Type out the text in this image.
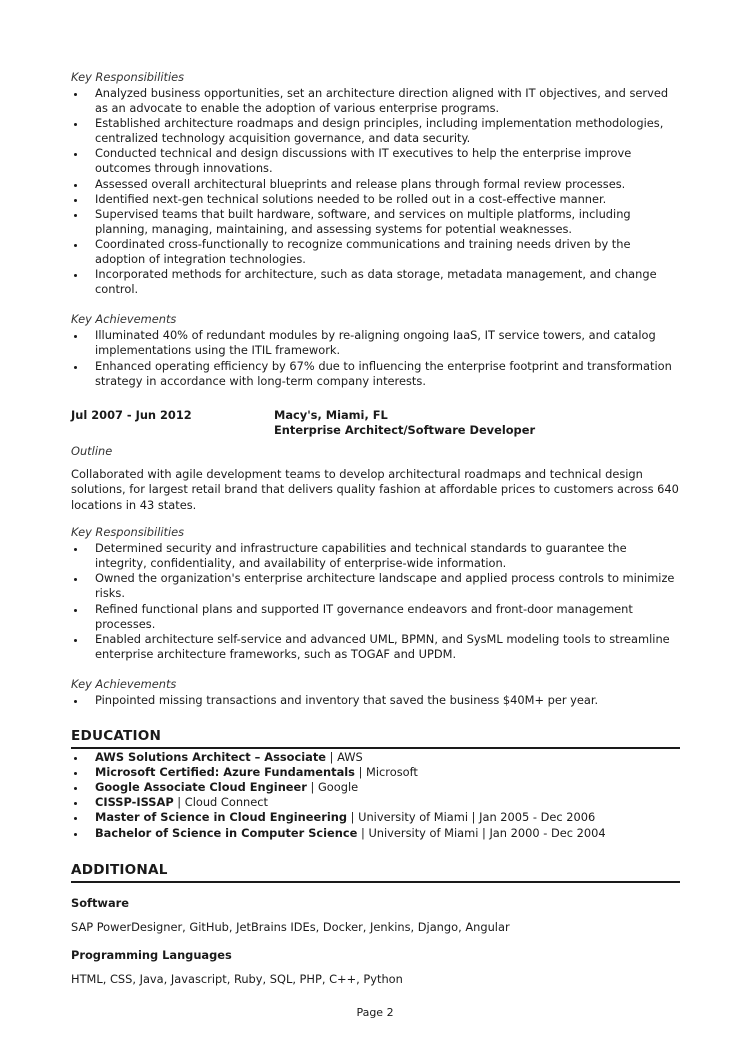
Key Responsibilities
Analyzed business opportunities, set an architecture direction aligned with IT objectives, and served as an advocate to enable the adoption of various enterprise programs.
Established architecture roadmaps and design principles, including implementation methodologies, centralized technology acquisition governance, and data security.
Conducted technical and design discussions with IT executives to help the enterprise improve outcomes through innovations.
Assessed overall architectural blueprints and release plans through formal review processes.
Identified next-gen technical solutions needed to be rolled out in a cost-effective manner.
Supervised teams that built hardware, software, and services on multiple platforms, including planning, managing, maintaining, and assessing systems for potential weaknesses.
Coordinated cross-functionally to recognize communications and training needs driven by the adoption of integration technologies.
Incorporated methods for architecture, such as data storage, metadata management, and change control.
Key Achievements
Illuminated 40% of redundant modules by re-aligning ongoing IaaS, IT service towers, and catalog implementations using the ITIL framework.
Enhanced operating efficiency by 67% due to influencing the enterprise footprint and transformation strategy in accordance with long-term company interests.
Jul 2007 - Jun 2012	Macy's, Miami, FL
Enterprise Architect/Software Developer
Outline
Collaborated with agile development teams to develop architectural roadmaps and technical design solutions, for largest retail brand that delivers quality fashion at affordable prices to customers across 640 locations in 43 states.
Key Responsibilities
Determined security and infrastructure capabilities and technical standards to guarantee the integrity, confidentiality, and availability of enterprise-wide information.
Owned the organization's enterprise architecture landscape and applied process controls to minimize risks.
Refined functional plans and supported IT governance endeavors and front-door management processes.
Enabled architecture self-service and advanced UML, BPMN, and SysML modeling tools to streamline enterprise architecture frameworks, such as TOGAF and UPDM.
Key Achievements
Pinpointed missing transactions and inventory that saved the business $40M+ per year.
EDUCATION
AWS Solutions Architect – Associate | AWS
Microsoft Certified: Azure Fundamentals | Microsoft
Google Associate Cloud Engineer | Google
CISSP-ISSAP | Cloud Connect
Master of Science in Cloud Engineering | University of Miami | Jan 2005 - Dec 2006
Bachelor of Science in Computer Science | University of Miami | Jan 2000 - Dec 2004
ADDITIONAL
Software
SAP PowerDesigner, GitHub, JetBrains IDEs, Docker, Jenkins, Django, Angular
Programming Languages
HTML, CSS, Java, Javascript, Ruby, SQL, PHP, C++, Python
Page 2
